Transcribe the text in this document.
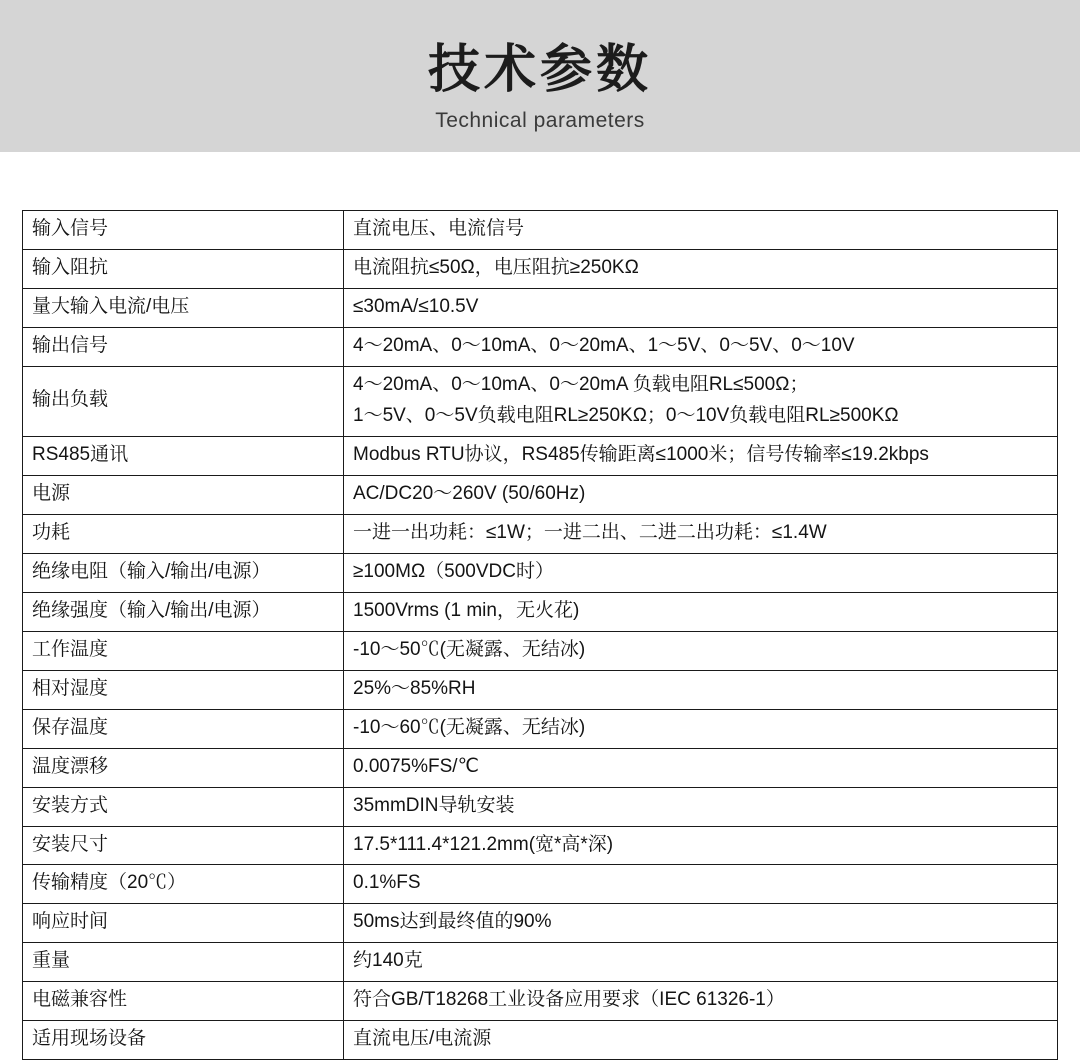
技术参数
Technical parameters
输入信号	直流电压、电流信号

输入阻抗	电流阻抗≤50Ω，电压阻抗≥250KΩ

量大输入电流/电压	≤30mA/≤10.5V

输出信号	4～20mA、0～10mA、0～20mA、1～5V、0～5V、0～10V

输出负载	4～20mA、0～10mA、0～20mA 负载电阻RL≤500Ω；
1～5V、0～5V负载电阻RL≥250KΩ；0～10V负载电阻RL≥500KΩ

RS485通讯	Modbus RTU协议，RS485传输距离≤1000米；信号传输率≤19.2kbps

电源	AC/DC20～260V (50/60Hz)

功耗	一进一出功耗：≤1W；一进二出、二进二出功耗：≤1.4W

绝缘电阻（输入/输出/电源）	≥100MΩ（500VDC时）

绝缘强度（输入/输出/电源）	1500Vrms (1 min，无火花)

工作温度	-10～50℃(无凝露、无结冰)

相对湿度	25%～85%RH

保存温度	-10～60℃(无凝露、无结冰)

温度漂移	0.0075%FS/℃

安装方式	35mmDIN导轨安装

安装尺寸	17.5*111.4*121.2mm(宽*高*深)

传输精度（20℃）	0.1%FS

响应时间	50ms达到最终值的90%

重量	约140克

电磁兼容性	符合GB/T18268工业设备应用要求（IEC 61326-1）

适用现场设备	直流电压/电流源
